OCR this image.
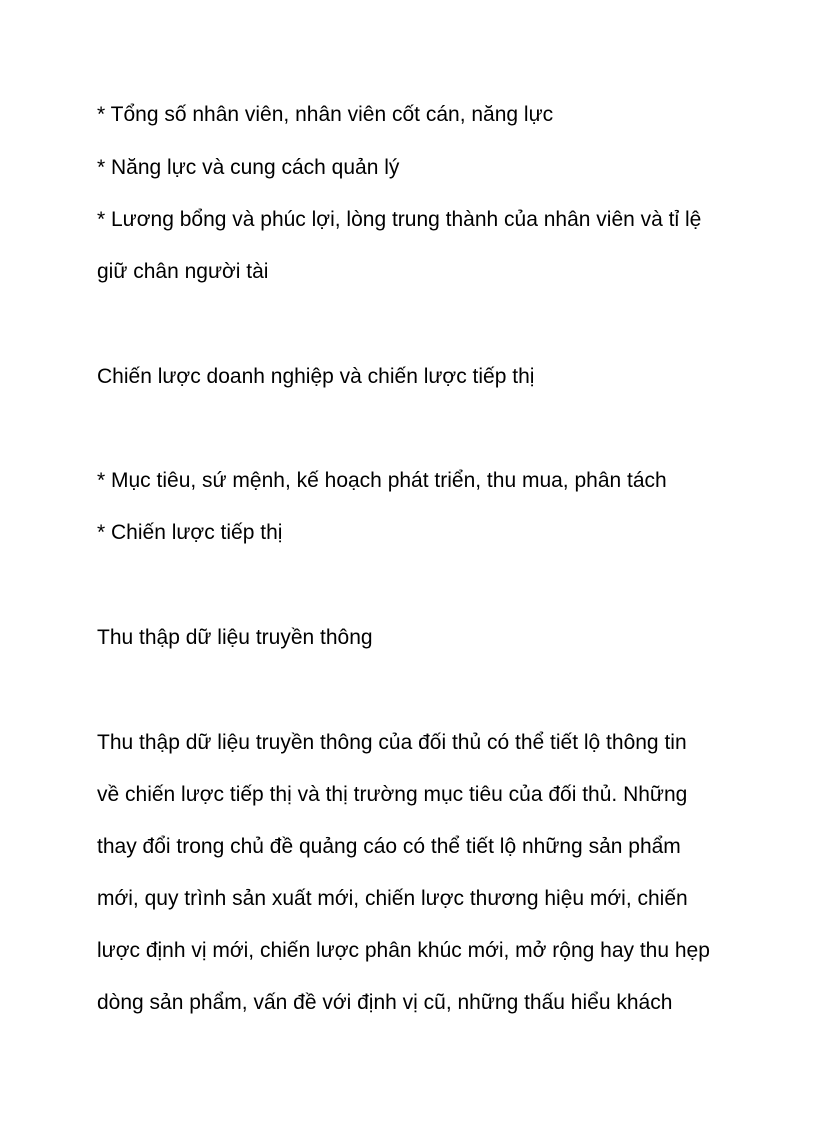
* Tổng số nhân viên, nhân viên cốt cán, năng lực

* Năng lực và cung cách quản lý

* Lương bổng và phúc lợi, lòng trung thành của nhân viên và tỉ lệ

giữ chân người tài

Chiến lược doanh nghiệp và chiến lược tiếp thị

* Mục tiêu, sứ mệnh, kế hoạch phát triển, thu mua, phân tách

* Chiến lược tiếp thị

Thu thập dữ liệu truyền thông

Thu thập dữ liệu truyền thông của đối thủ có thể tiết lộ thông tin

về chiến lược tiếp thị và thị trường mục tiêu của đối thủ. Những

thay đổi trong chủ đề quảng cáo có thể tiết lộ những sản phẩm

mới, quy trình sản xuất mới, chiến lược thương hiệu mới, chiến

lược định vị mới, chiến lược phân khúc mới, mở rộng hay thu hẹp

dòng sản phẩm, vấn đề với định vị cũ, những thấu hiểu khách
